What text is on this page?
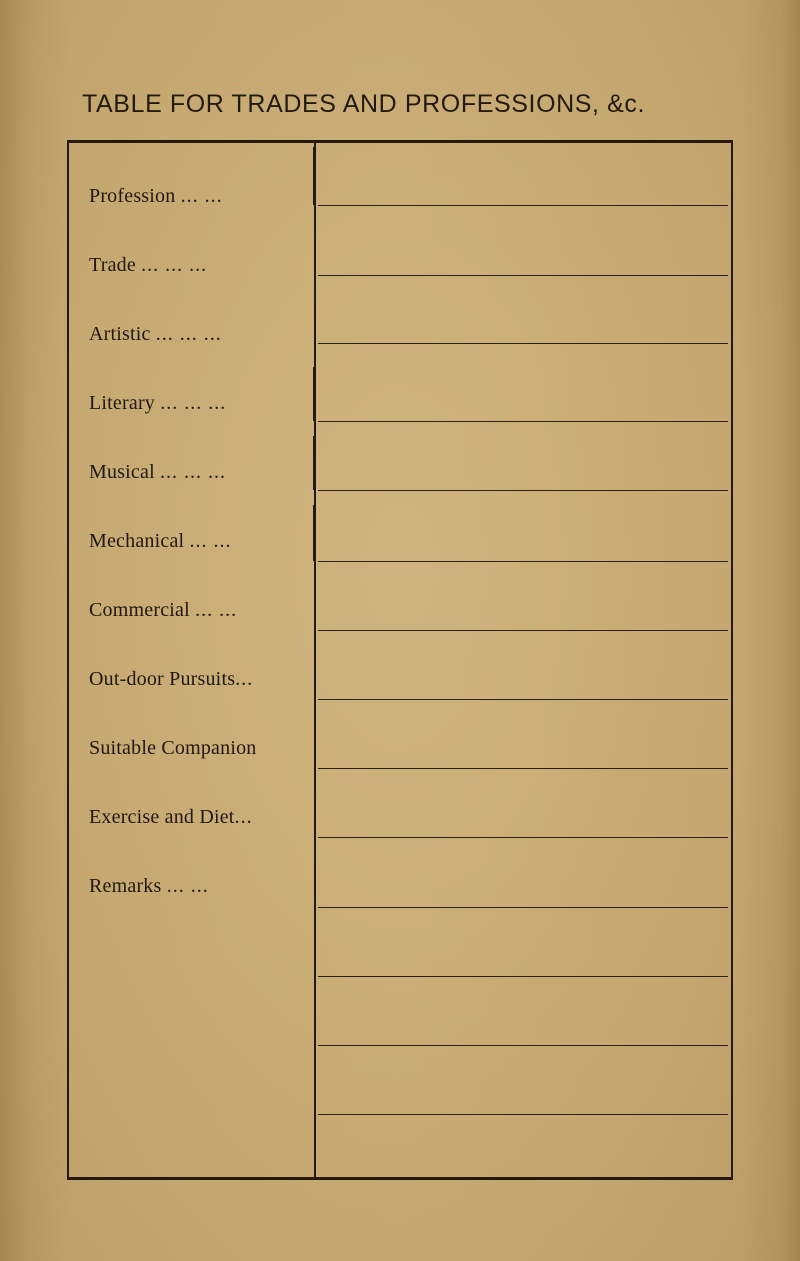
TABLE FOR TRADES AND PROFESSIONS, &c.
Profession ... ...
Trade ... ... ...
Artistic ... ... ...
Literary ... ... ...
Musical ... ... ...
Mechanical ... ...
Commercial ... ...
Out-door Pursuits...
Suitable Companion
Exercise and Diet...
Remarks ... ...
